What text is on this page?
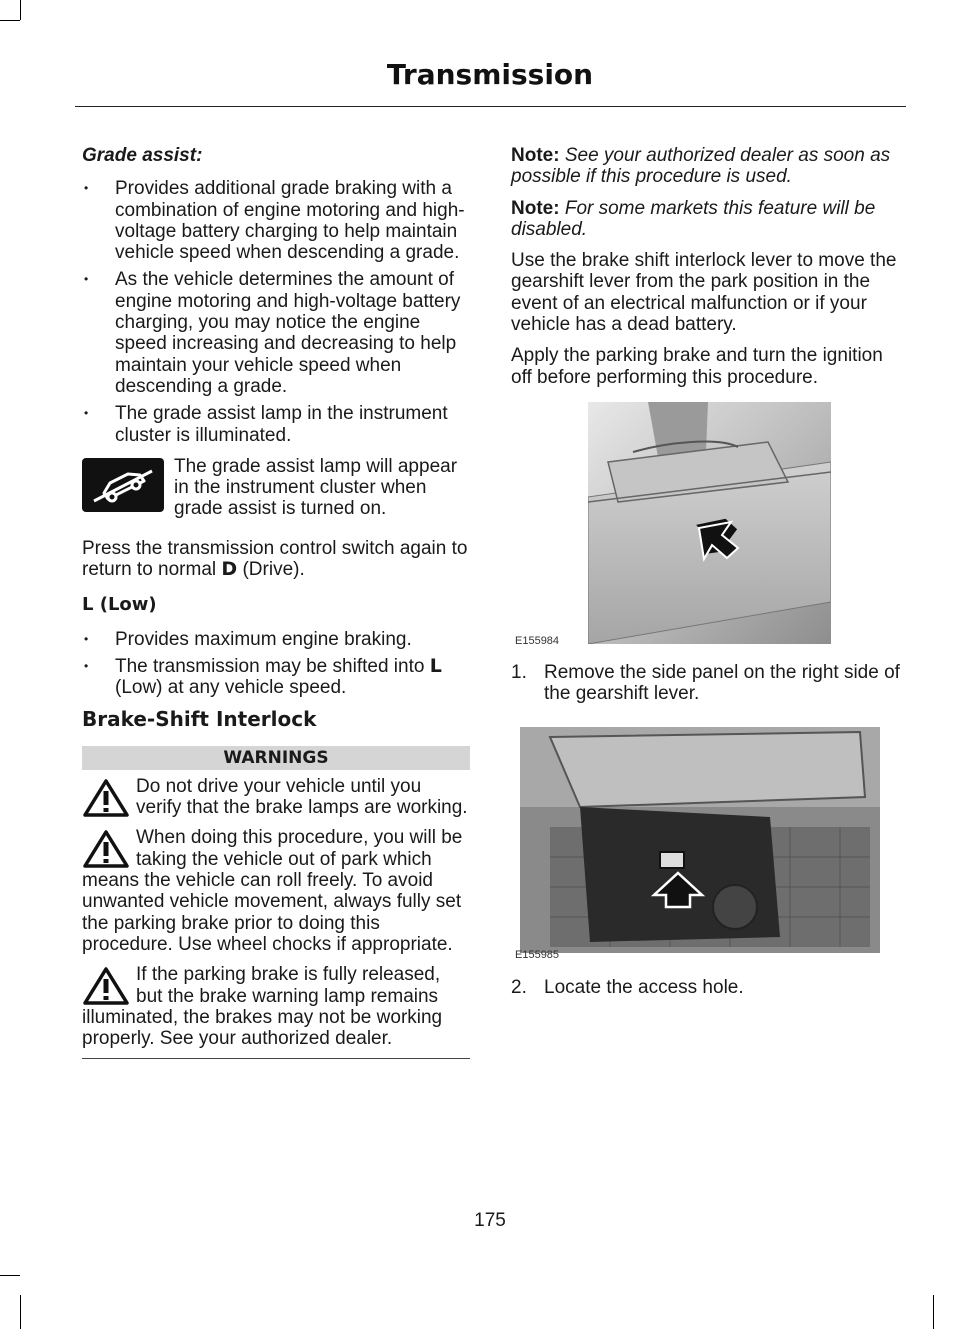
Transmission

Grade assist:

• Provides additional grade braking with a combination of engine motoring and high-voltage battery charging to help maintain vehicle speed when descending a grade.
• As the vehicle determines the amount of engine motoring and high-voltage battery charging, you may notice the engine speed increasing and decreasing to help maintain your vehicle speed when descending a grade.
• The grade assist lamp in the instrument cluster is illuminated.
The grade assist lamp will appear in the instrument cluster when grade assist is turned on.

Press the transmission control switch again to return to normal D (Drive).

L (Low)

• Provides maximum engine braking.
• The transmission may be shifted into L (Low) at any vehicle speed.

Brake-Shift Interlock

WARNINGS
Do not drive your vehicle until you verify that the brake lamps are working.
When doing this procedure, you will be taking the vehicle out of park which means the vehicle can roll freely. To avoid unwanted vehicle movement, always fully set the parking brake prior to doing this procedure. Use wheel chocks if appropriate.
If the parking brake is fully released, but the brake warning lamp remains illuminated, the brakes may not be working properly. See your authorized dealer.

Note: See your authorized dealer as soon as possible if this procedure is used.

Note: For some markets this feature will be disabled.

Use the brake shift interlock lever to move the gearshift lever from the park position in the event of an electrical malfunction or if your vehicle has a dead battery.

Apply the parking brake and turn the ignition off before performing this procedure.

E155984
1. Remove the side panel on the right side of the gearshift lever.
E155985
2. Locate the access hole.
175
